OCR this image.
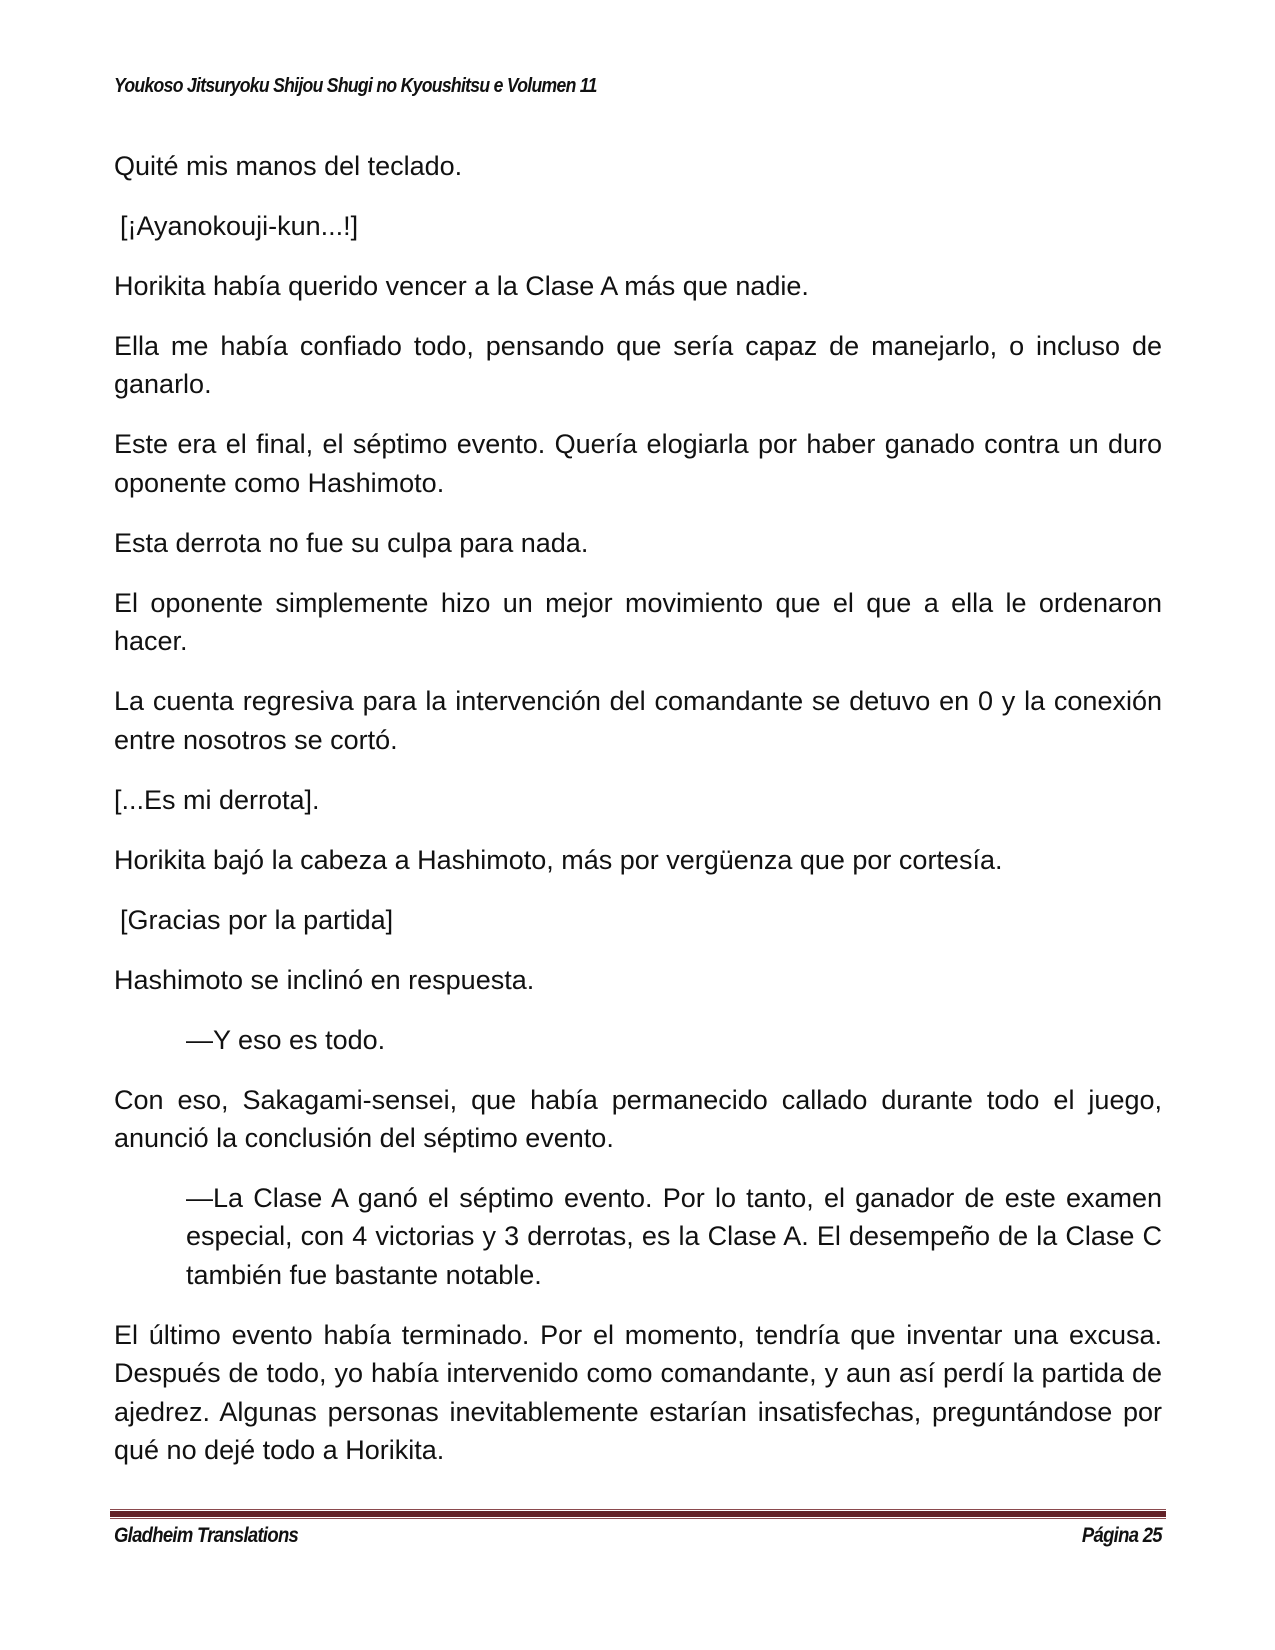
Youkoso Jitsuryoku Shijou Shugi no Kyoushitsu e Volumen 11

Quité mis manos del teclado.

[¡Ayanokouji-kun...!]

Horikita había querido vencer a la Clase A más que nadie.

Ella me había confiado todo, pensando que sería capaz de manejarlo, o incluso de ganarlo.

Este era el final, el séptimo evento. Quería elogiarla por haber ganado contra un duro oponente como Hashimoto.

Esta derrota no fue su culpa para nada.

El oponente simplemente hizo un mejor movimiento que el que a ella le ordenaron hacer.

La cuenta regresiva para la intervención del comandante se detuvo en 0 y la conexión entre nosotros se cortó.

[...Es mi derrota].

Horikita bajó la cabeza a Hashimoto, más por vergüenza que por cortesía.

[Gracias por la partida]

Hashimoto se inclinó en respuesta.

—Y eso es todo.

Con eso, Sakagami-sensei, que había permanecido callado durante todo el juego, anunció la conclusión del séptimo evento.

—La Clase A ganó el séptimo evento. Por lo tanto, el ganador de este examen especial, con 4 victorias y 3 derrotas, es la Clase A. El desempeño de la Clase C también fue bastante notable.

El último evento había terminado. Por el momento, tendría que inventar una excusa. Después de todo, yo había intervenido como comandante, y aun así perdí la partida de ajedrez. Algunas personas inevitablemente estarían insatisfechas, preguntándose por qué no dejé todo a Horikita.

Gladheim Translations	Página 25
